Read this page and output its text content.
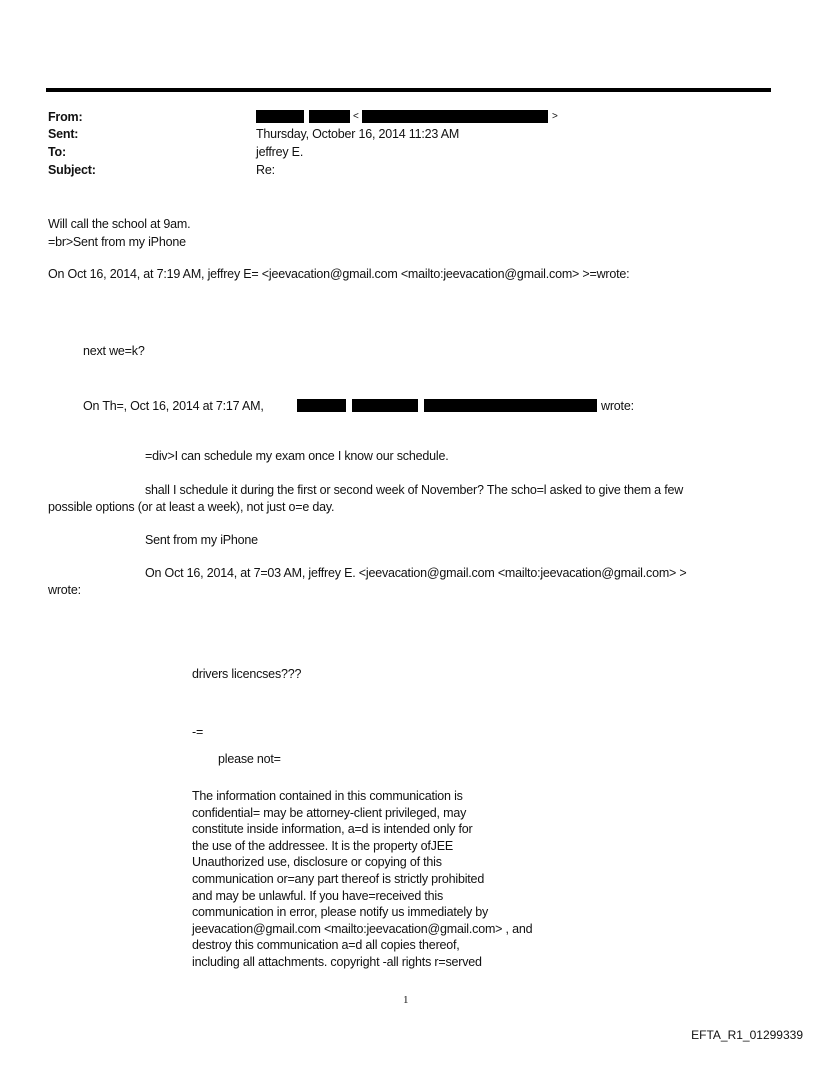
From:	<	>
Sent:	Thursday, October 16, 2014 11:23 AM
To:	jeffrey E.
Subject:	Re:
Will call the school at 9am.
=br>Sent from my iPhone
On Oct 16, 2014, at 7:19 AM, jeffrey E= <jeevacation@gmail.com <mailto:jeevacation@gmail.com> >=wrote:
next we=k?
On Th=, Oct 16, 2014 at 7:17 AM,	wrote:
=div>I can schedule my exam once I know our schedule.
shall I schedule it during the first or second week of November? The scho=l asked to give them a few
possible options (or at least a week), not just o=e day.
Sent from my iPhone
On Oct 16, 2014, at 7=03 AM, jeffrey E. <jeevacation@gmail.com <mailto:jeevacation@gmail.com> >
wrote:
drivers licencses???
-=
please not=
The information contained in this communication is
confidential= may be attorney-client privileged, may
constitute inside information, a=d is intended only for
the use of the addressee. It is the property ofJEE
Unauthorized use, disclosure or copying of this
communication or=any part thereof is strictly prohibited
and may be unlawful. If you have=received this
communication in error, please notify us immediately by
jeevacation@gmail.com <mailto:jeevacation@gmail.com> , and
destroy this communication a=d all copies thereof,
including all attachments. copyright -all rights r=served
1
EFTA_R1_01299339
